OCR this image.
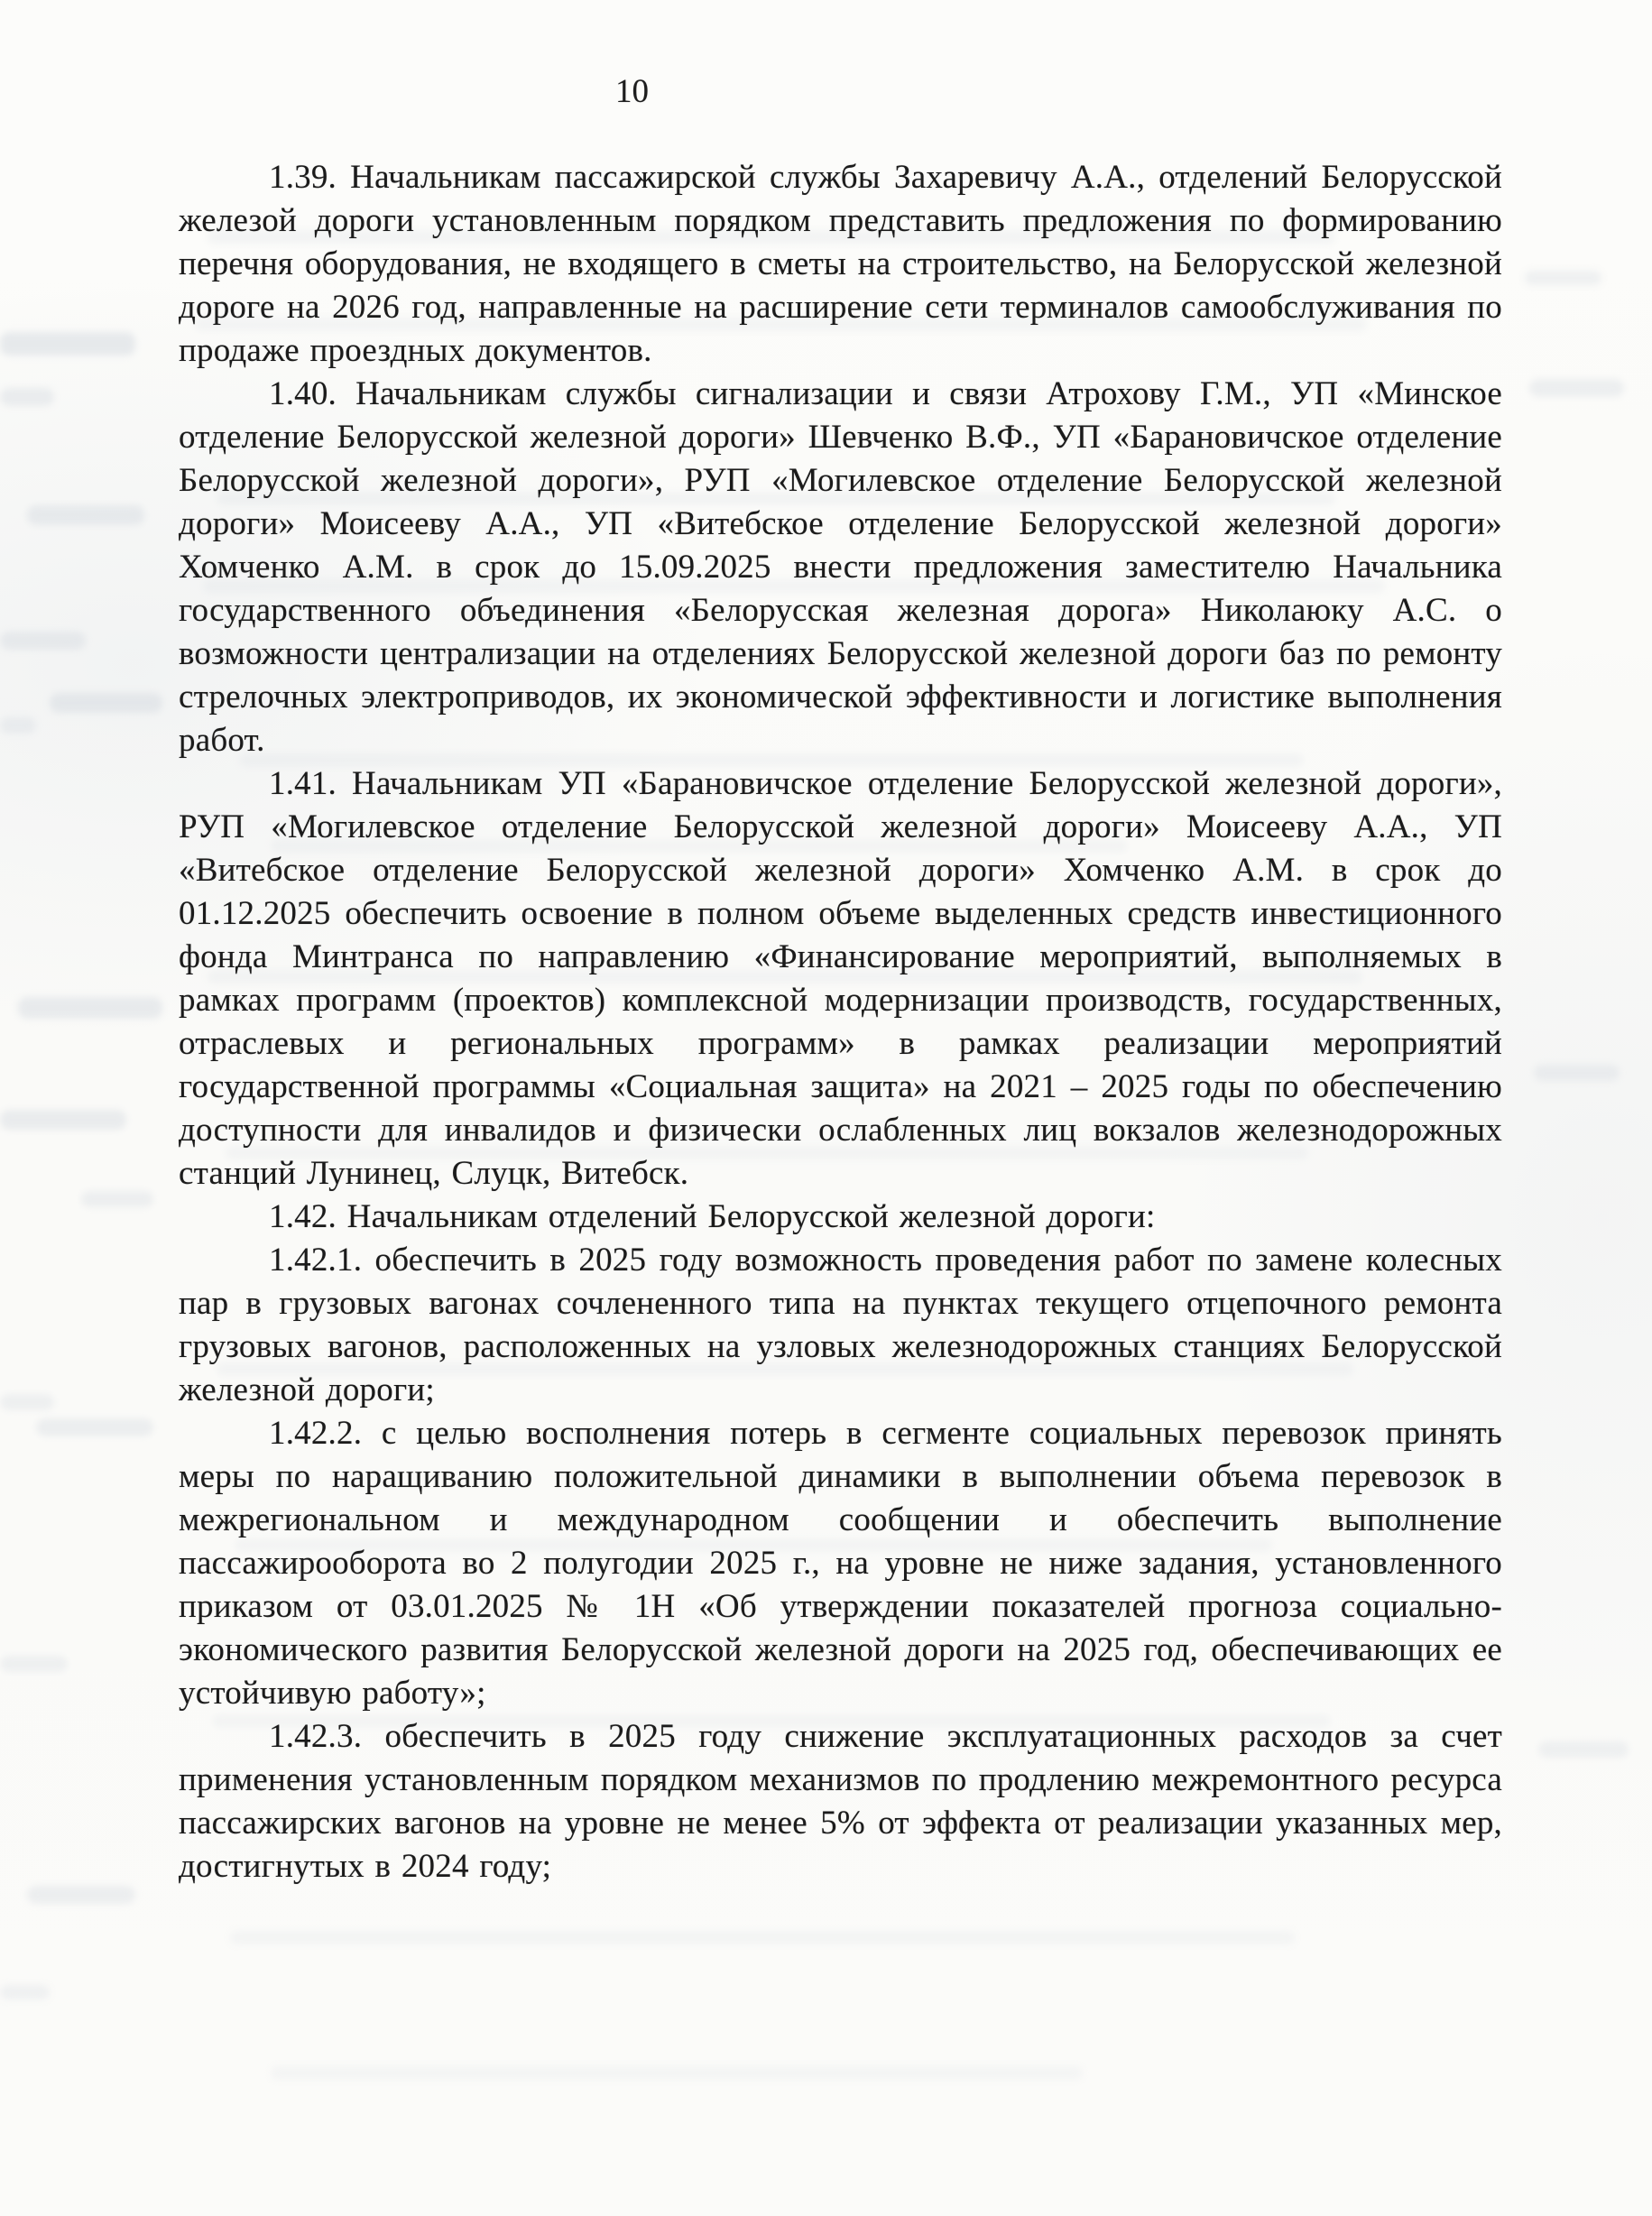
10

1.39. Начальникам пассажирской службы Захаревичу А.А., отделений Белорусской железой дороги установленным порядком представить предложения по формированию перечня оборудования, не входящего в сметы на строительство, на Белорусской железной дороге на 2026 год, направленные на расширение сети терминалов самообслуживания по продаже проездных документов.

1.40. Начальникам службы сигнализации и связи Атрохову Г.М., УП «Минское отделение Белорусской железной дороги» Шевченко В.Ф., УП «Барановичское отделение Белорусской железной дороги», РУП «Могилевское отделение Белорусской железной дороги» Моисееву А.А., УП «Витебское отделение Белорусской железной дороги» Хомченко А.М. в срок до 15.09.2025 внести предложения заместителю Начальника государственного объединения «Белорусская железная дорога» Николаюку А.С. о возможности централизации на отделениях Белорусской железной дороги баз по ремонту стрелочных электроприводов, их экономической эффективности и логистике выполнения работ.

1.41. Начальникам УП «Барановичское отделение Белорусской железной дороги», РУП «Могилевское отделение Белорусской железной дороги» Моисееву А.А., УП «Витебское отделение Белорусской железной дороги» Хомченко А.М. в срок до 01.12.2025 обеспечить освоение в полном объеме выделенных средств инвестиционного фонда Минтранса по направлению «Финансирование мероприятий, выполняемых в рамках программ (проектов) комплексной модернизации производств, государственных, отраслевых и региональных программ» в рамках реализации мероприятий государственной программы «Социальная защита» на 2021 – 2025 годы по обеспечению доступности для инвалидов и физически ослабленных лиц вокзалов железнодорожных станций Лунинец, Слуцк, Витебск.

1.42. Начальникам отделений Белорусской железной дороги:

1.42.1. обеспечить в 2025 году возможность проведения работ по замене колесных пар в грузовых вагонах сочлененного типа на пунктах текущего отцепочного ремонта грузовых вагонов, расположенных на узловых железнодорожных станциях Белорусской железной дороги;

1.42.2. с целью восполнения потерь в сегменте социальных перевозок принять меры по наращиванию положительной динамики в выполнении объема перевозок в межрегиональном и международном сообщении и обеспечить выполнение пассажирооборота во 2 полугодии 2025 г., на уровне не ниже задания, установленного приказом от 03.01.2025 № 1Н «Об утверждении показателей прогноза социально-экономического развития Белорусской железной дороги на 2025 год, обеспечивающих ее устойчивую работу»;

1.42.3. обеспечить в 2025 году снижение эксплуатационных расходов за счет применения установленным порядком механизмов по продлению межремонтного ресурса пассажирских вагонов на уровне не менее 5% от эффекта от реализации указанных мер, достигнутых в 2024 году;
